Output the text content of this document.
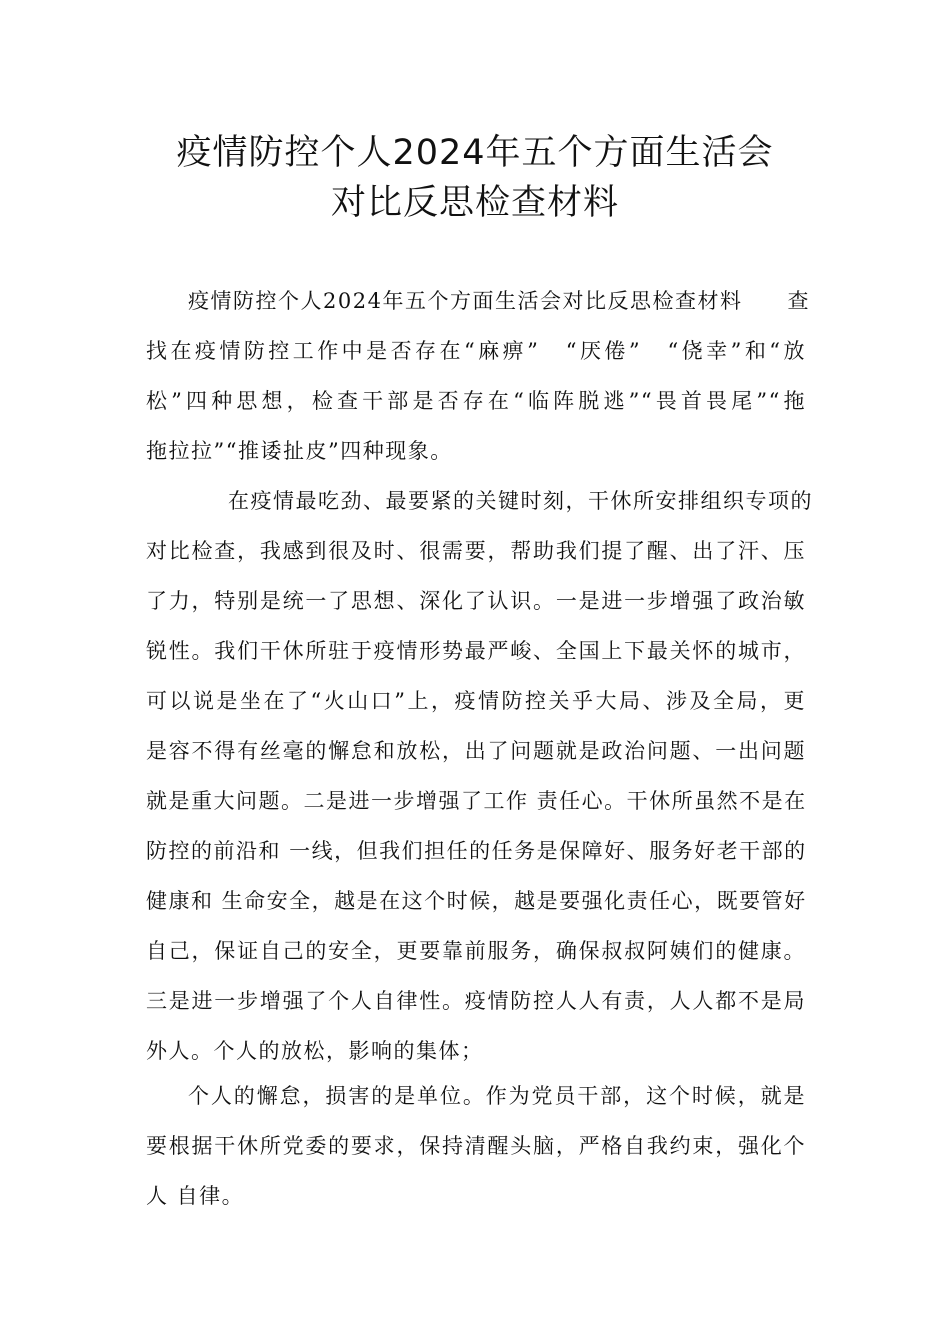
疫情防控个人2024年五个方面生活会
对比反思检查材料
疫情防控个人2024年五个方面生活会对比反思检查材料　　查
找在疫情防控工作中是否存在“麻痹”　“厌倦”　“侥幸”和“放
松”四种思想，检查干部是否存在“临阵脱逃”“畏首畏尾”“拖
拖拉拉”“推诿扯皮”四种现象。
在疫情最吃劲、最要紧的关键时刻，干休所安排组织专项的
对比检查，我感到很及时、很需要，帮助我们提了醒、出了汗、压
了力，特别是统一了思想、深化了认识。一是进一步增强了政治敏
锐性。我们干休所驻于疫情形势最严峻、全国上下最关怀的城市，
可以说是坐在了“火山口”上，疫情防控关乎大局、涉及全局，更
是容不得有丝毫的懈怠和放松，出了问题就是政治问题、一出问题
就是重大问题。二是进一步增强了工作 责任心。干休所虽然不是在
防控的前沿和 一线，但我们担任的任务是保障好、服务好老干部的
健康和 生命安全，越是在这个时候，越是要强化责任心，既要管好
自己，保证自己的安全，更要靠前服务，确保叔叔阿姨们的健康。
三是进一步增强了个人自律性。疫情防控人人有责，人人都不是局
外人。个人的放松，影响的集体；
个人的懈怠，损害的是单位。作为党员干部，这个时候，就是
要根据干休所党委的要求，保持清醒头脑，严格自我约束，强化个
人 自律。
